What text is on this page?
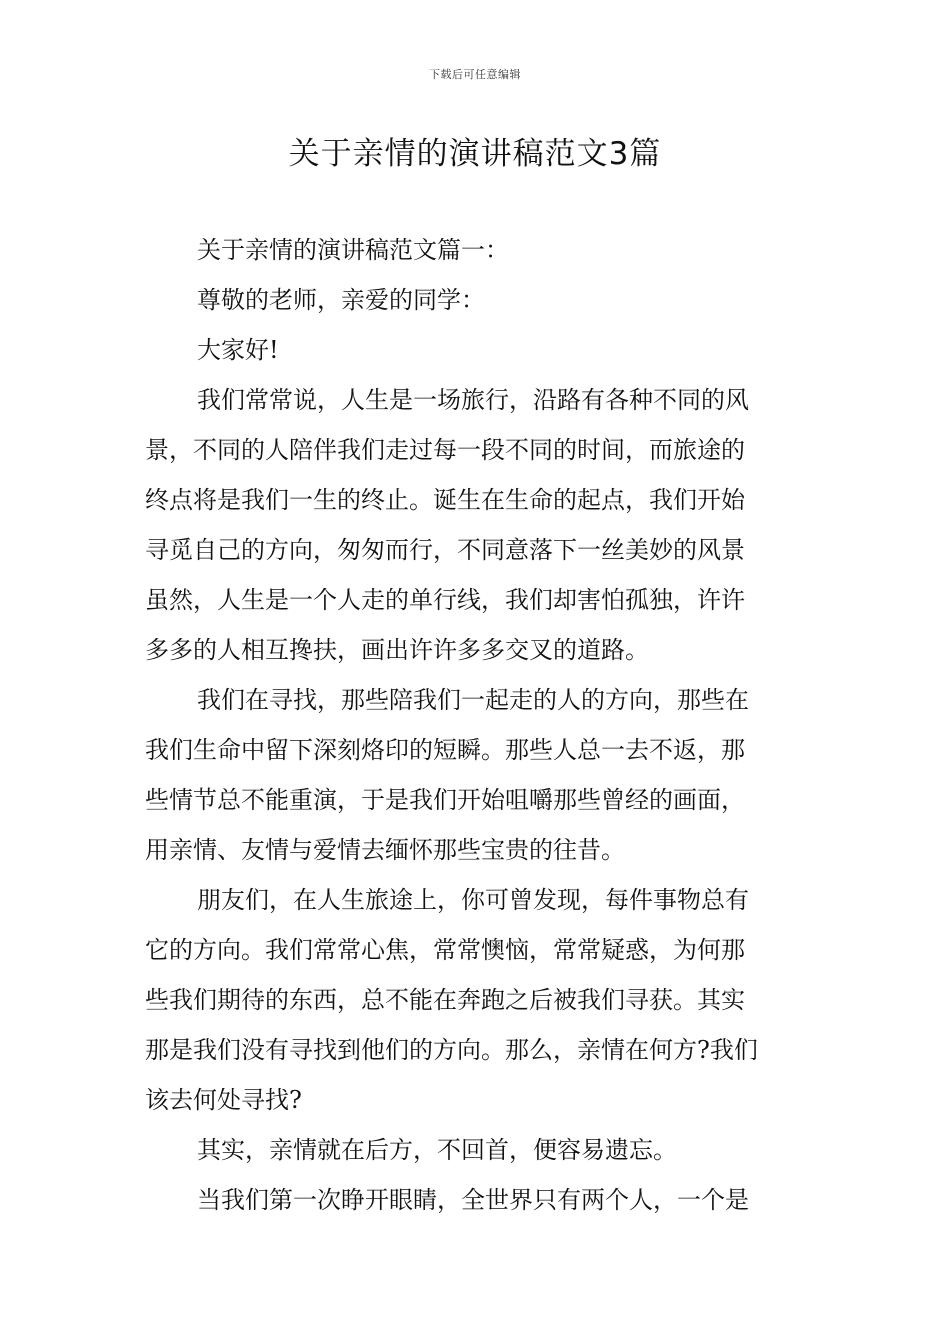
下载后可任意编辑
关于亲情的演讲稿范文3篇
关于亲情的演讲稿范文篇一：
尊敬的老师，亲爱的同学：
大家好!
我们常常说，人生是一场旅行，沿路有各种不同的风
景，不同的人陪伴我们走过每一段不同的时间，而旅途的
终点将是我们一生的终止。诞生在生命的起点，我们开始
寻觅自己的方向，匆匆而行，不同意落下一丝美妙的风景
虽然，人生是一个人走的单行线，我们却害怕孤独，许许
多多的人相互搀扶，画出许许多多交叉的道路。
我们在寻找，那些陪我们一起走的人的方向，那些在
我们生命中留下深刻烙印的短瞬。那些人总一去不返，那
些情节总不能重演，于是我们开始咀嚼那些曾经的画面，
用亲情、友情与爱情去缅怀那些宝贵的往昔。
朋友们，在人生旅途上，你可曾发现，每件事物总有
它的方向。我们常常心焦，常常懊恼，常常疑惑，为何那
些我们期待的东西，总不能在奔跑之后被我们寻获。其实
那是我们没有寻找到他们的方向。那么，亲情在何方?我们
该去何处寻找?
其实，亲情就在后方，不回首，便容易遗忘。
当我们第一次睁开眼睛，全世界只有两个人，一个是
